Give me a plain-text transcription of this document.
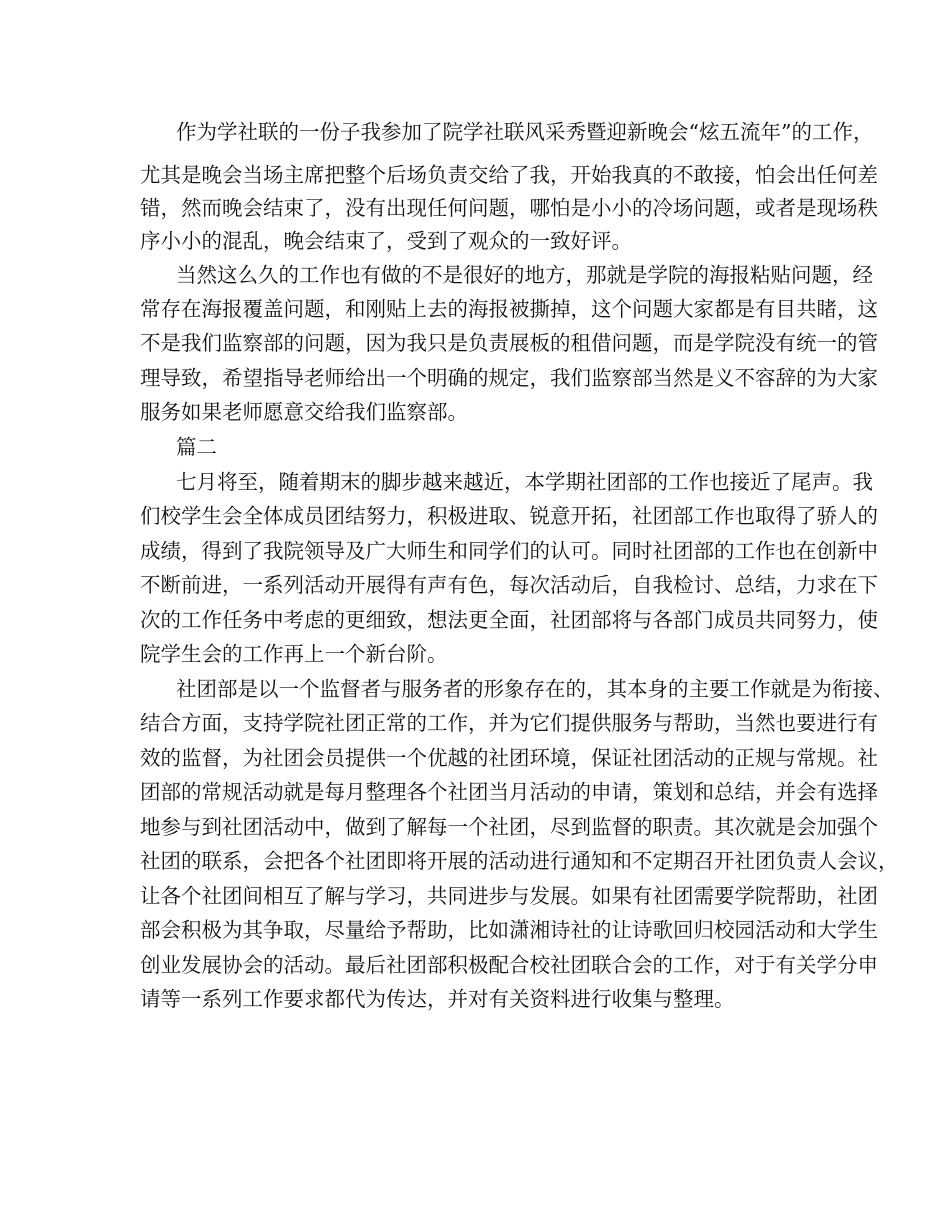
作为学社联的一份子我参加了院学社联风采秀暨迎新晚会“炫五流年”的工作，
尤其是晚会当场主席把整个后场负责交给了我，开始我真的不敢接，怕会出任何差
错，然而晚会结束了，没有出现任何问题，哪怕是小小的冷场问题，或者是现场秩
序小小的混乱，晚会结束了，受到了观众的一致好评。
当然这么久的工作也有做的不是很好的地方，那就是学院的海报粘贴问题，经
常存在海报覆盖问题，和刚贴上去的海报被撕掉，这个问题大家都是有目共睹，这
不是我们监察部的问题，因为我只是负责展板的租借问题，而是学院没有统一的管
理导致，希望指导老师给出一个明确的规定，我们监察部当然是义不容辞的为大家
服务如果老师愿意交给我们监察部。
篇二
七月将至，随着期末的脚步越来越近，本学期社团部的工作也接近了尾声。我
们校学生会全体成员团结努力，积极进取、锐意开拓，社团部工作也取得了骄人的
成绩，得到了我院领导及广大师生和同学们的认可。同时社团部的工作也在创新中
不断前进，一系列活动开展得有声有色，每次活动后，自我检讨、总结，力求在下
次的工作任务中考虑的更细致，想法更全面，社团部将与各部门成员共同努力，使
院学生会的工作再上一个新台阶。
社团部是以一个监督者与服务者的形象存在的，其本身的主要工作就是为衔接、
结合方面，支持学院社团正常的工作，并为它们提供服务与帮助，当然也要进行有
效的监督，为社团会员提供一个优越的社团环境，保证社团活动的正规与常规。社
团部的常规活动就是每月整理各个社团当月活动的申请，策划和总结，并会有选择
地参与到社团活动中，做到了解每一个社团，尽到监督的职责。其次就是会加强个
社团的联系，会把各个社团即将开展的活动进行通知和不定期召开社团负责人会议，
让各个社团间相互了解与学习，共同进步与发展。如果有社团需要学院帮助，社团
部会积极为其争取，尽量给予帮助，比如潇湘诗社的让诗歌回归校园活动和大学生
创业发展协会的活动。最后社团部积极配合校社团联合会的工作，对于有关学分申
请等一系列工作要求都代为传达，并对有关资料进行收集与整理。
